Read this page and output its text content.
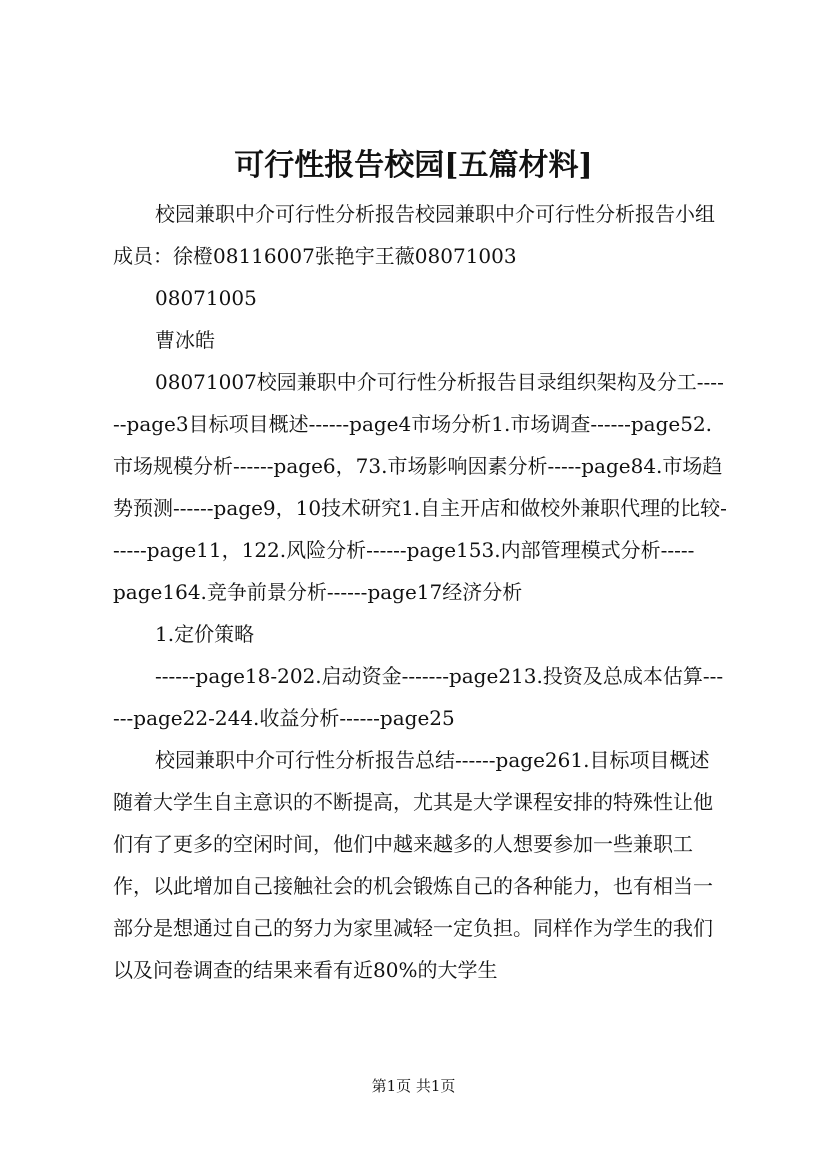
可行性报告校园[五篇材料]

校园兼职中介可行性分析报告校园兼职中介可行性分析报告小组成员：徐橙08116007张艳宇王薇08071003

08071005

曹冰皓

08071007校园兼职中介可行性分析报告目录组织架构及分工------page3目标项目概述------page4市场分析1.市场调查------page52.市场规模分析------page6，73.市场影响因素分析-----page84.市场趋势预测------page9，10技术研究1.自主开店和做校外兼职代理的比较------page11，122.风险分析------page153.内部管理模式分析-----page164.竞争前景分析------page17经济分析

1.定价策略

------page18-202.启动资金-------page213.投资及总成本估算------page22-244.收益分析------page25

校园兼职中介可行性分析报告总结------page261.目标项目概述随着大学生自主意识的不断提高，尤其是大学课程安排的特殊性让他们有了更多的空闲时间，他们中越来越多的人想要参加一些兼职工作，以此增加自己接触社会的机会锻炼自己的各种能力，也有相当一部分是想通过自己的努力为家里减轻一定负担。同样作为学生的我们以及问卷调查的结果来看有近80%的大学生

第1页 共1页
